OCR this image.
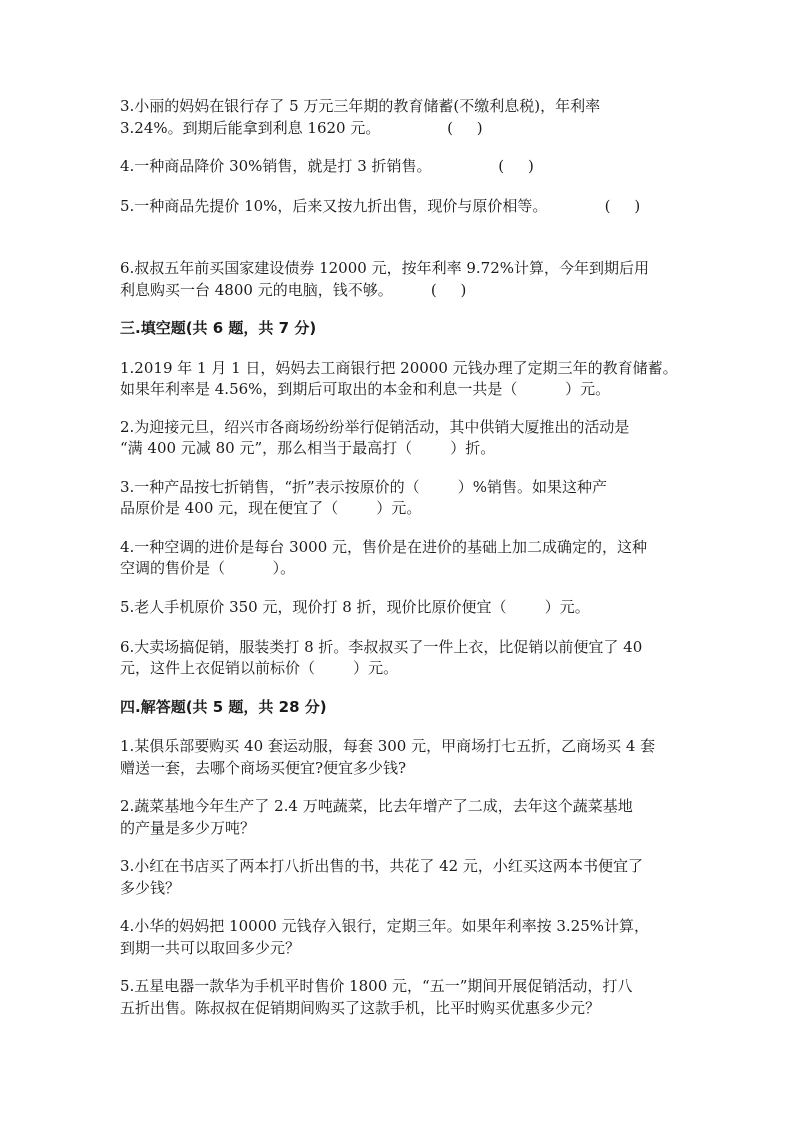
3.小丽的妈妈在银行存了 5 万元三年期的教育储蓄(不缴利息税)，年利率
3.24%。到期后能拿到利息 1620 元。              (     )
4.一种商品降价 30%销售，就是打 3 折销售。              (     )
5.一种商品先提价 10%，后来又按九折出售，现价与原价相等。            (     )
6.叔叔五年前买国家建设债券 12000 元，按年利率 9.72%计算，今年到期后用
利息购买一台 4800 元的电脑，钱不够。        (     )
三.填空题(共 6 题，共 7 分)
1.2019 年 1 月 1 日，妈妈去工商银行把 20000 元钱办理了定期三年的教育储蓄。
如果年利率是 4.56%，到期后可取出的本金和利息一共是（          ）元。
2.为迎接元旦，绍兴市各商场纷纷举行促销活动，其中供销大厦推出的活动是
“满 400 元减 80 元”，那么相当于最高打（        ）折。
3.一种产品按七折销售，“折”表示按原价的（        ）%销售。如果这种产
品原价是 400 元，现在便宜了（        ）元。
4.一种空调的进价是每台 3000 元，售价是在进价的基础上加二成确定的，这种
空调的售价是（          ）。
5.老人手机原价 350 元，现价打 8 折，现价比原价便宜（        ）元。
6.大卖场搞促销，服装类打 8 折。李叔叔买了一件上衣，比促销以前便宜了 40
元，这件上衣促销以前标价（        ）元。
四.解答题(共 5 题，共 28 分)
1.某俱乐部要购买 40 套运动服，每套 300 元，甲商场打七五折，乙商场买 4 套
赠送一套，去哪个商场买便宜?便宜多少钱?
2.蔬菜基地今年生产了 2.4 万吨蔬菜，比去年增产了二成，去年这个蔬菜基地
的产量是多少万吨？
3.小红在书店买了两本打八折出售的书，共花了 42 元，小红买这两本书便宜了
多少钱？
4.小华的妈妈把 10000 元钱存入银行，定期三年。如果年利率按 3.25%计算，
到期一共可以取回多少元？
5.五星电器一款华为手机平时售价 1800 元，“五一”期间开展促销活动，打八
五折出售。陈叔叔在促销期间购买了这款手机，比平时购买优惠多少元？
